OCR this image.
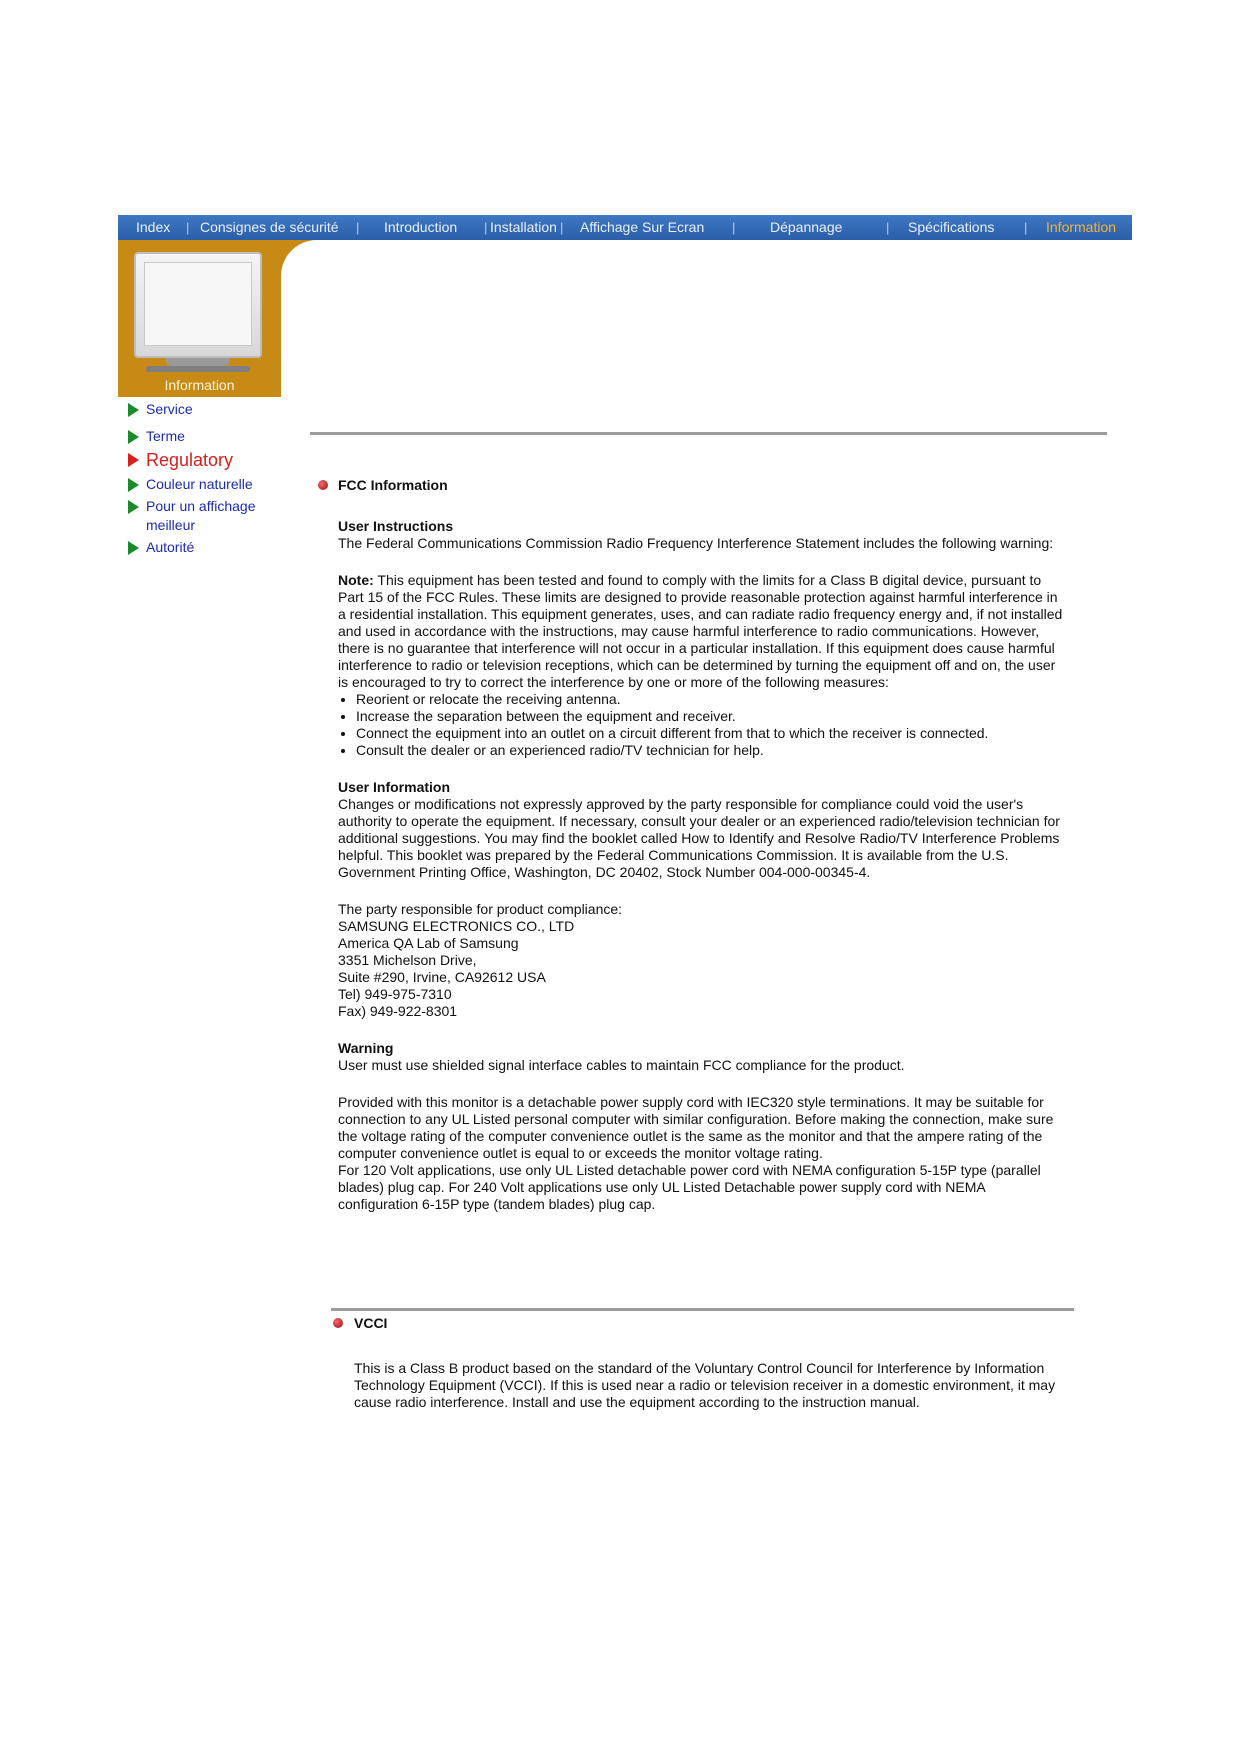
Index | Consignes de sécurité | Introduction | Installation | Affichage Sur Ecran | Dépannage	| Spécifications | Information
Information
Service
Terme
Regulatory
Couleur naturelle
Pour un affichage meilleur
Autorité
FCC Information

User Instructions

The Federal Communications Commission Radio Frequency Interference Statement includes the following warning:

Note: This equipment has been tested and found to comply with the limits for a Class B digital device, pursuant to Part 15 of the FCC Rules. These limits are designed to provide reasonable protection against harmful interference in a residential installation. This equipment generates, uses, and can radiate radio frequency energy and, if not installed and used in accordance with the instructions, may cause harmful interference to radio communications. However, there is no guarantee that interference will not occur in a particular installation. If this equipment does cause harmful interference to radio or television receptions, which can be determined by turning the equipment off and on, the user is encouraged to try to correct the interference by one or more of the following measures:

• Reorient or relocate the receiving antenna.
• Increase the separation between the equipment and receiver.
• Connect the equipment into an outlet on a circuit different from that to which the receiver is connected.
• Consult the dealer or an experienced radio/TV technician for help.

User Information

Changes or modifications not expressly approved by the party responsible for compliance could void the user's authority to operate the equipment. If necessary, consult your dealer or an experienced radio/television technician for additional suggestions. You may find the booklet called How to Identify and Resolve Radio/TV Interference Problems helpful. This booklet was prepared by the Federal Communications Commission. It is available from the U.S. Government Printing Office, Washington, DC 20402, Stock Number 004-000-00345-4.

The party responsible for product compliance:

SAMSUNG ELECTRONICS CO., LTD

America QA Lab of Samsung

3351 Michelson Drive,

Suite #290, Irvine, CA92612 USA

Tel) 949-975-7310

Fax) 949-922-8301

Warning

User must use shielded signal interface cables to maintain FCC compliance for the product.

Provided with this monitor is a detachable power supply cord with IEC320 style terminations. It may be suitable for connection to any UL Listed personal computer with similar configuration. Before making the connection, make sure the voltage rating of the computer convenience outlet is the same as the monitor and that the ampere rating of the computer convenience outlet is equal to or exceeds the monitor voltage rating.

For 120 Volt applications, use only UL Listed detachable power cord with NEMA configuration 5-15P type (parallel blades) plug cap. For 240 Volt applications use only UL Listed Detachable power supply cord with NEMA configuration 6-15P type (tandem blades) plug cap.

VCCI
This is a Class B product based on the standard of the Voluntary Control Council for Interference by Information Technology Equipment (VCCI). If this is used near a radio or television receiver in a domestic environment, it may cause radio interference. Install and use the equipment according to the instruction manual.
